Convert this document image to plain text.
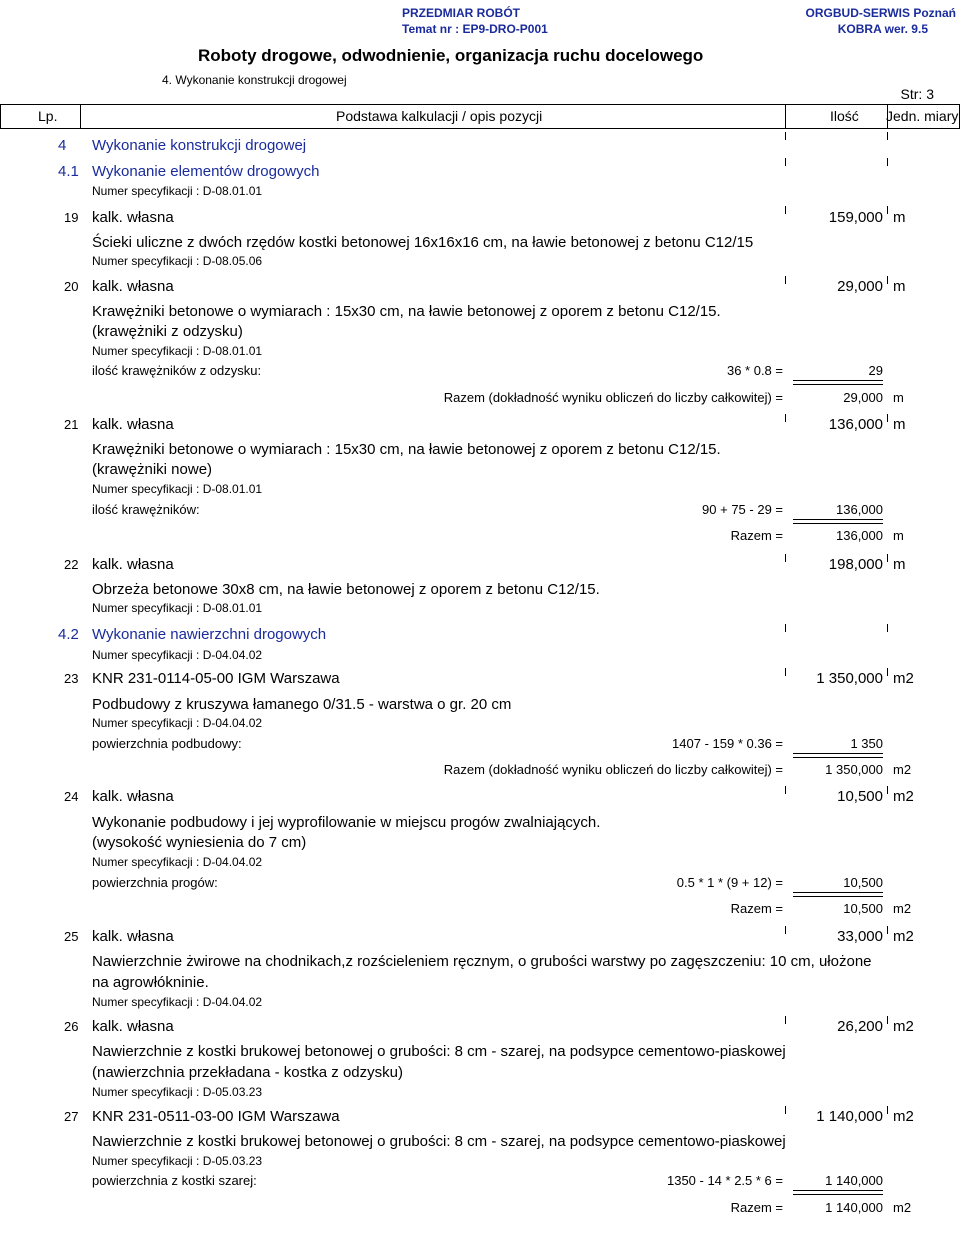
PRZEDMIAR ROBÓT	ORGBUD-SERWIS Poznań
Temat nr : EP9-DRO-P001	KOBRA wer. 9.5
Roboty drogowe, odwodnienie, organizacja ruchu docelowego
4. Wykonanie konstrukcji drogowej
Str: 3
Lp.	Podstawa kalkulacji / opis pozycji	Ilość Jedn. miary
4 Wykonanie konstrukcji drogowej
4.1 Wykonanie elementów drogowych
Numer specyfikacji : D-08.01.01
19 kalk. własna	159,000 m
Ścieki uliczne z dwóch rzędów kostki betonowej 16x16x16 cm, na ławie betonowej z betonu C12/15
Numer specyfikacji : D-08.05.06
20 kalk. własna	29,000 m
Krawężniki betonowe o wymiarach : 15x30 cm, na ławie betonowej z oporem z betonu C12/15.
(krawężniki z odzysku)
Numer specyfikacji : D-08.01.01
ilość krawężników z odzysku:	36 * 0.8 =	29
Razem (dokładność wyniku obliczeń do liczby całkowitej) =	29,000 m
21 kalk. własna	136,000 m
Krawężniki betonowe o wymiarach : 15x30 cm, na ławie betonowej z oporem z betonu C12/15.
(krawężniki nowe)
Numer specyfikacji : D-08.01.01
ilość krawężników:	90 + 75 - 29 =	136,000
Razem =	136,000 m
22 kalk. własna	198,000 m
Obrzeża betonowe 30x8 cm, na ławie betonowej z oporem z betonu C12/15.
Numer specyfikacji : D-08.01.01
4.2 Wykonanie nawierzchni drogowych
Numer specyfikacji : D-04.04.02
23 KNR 231-0114-05-00 IGM Warszawa	1 350,000 m2
Podbudowy z kruszywa łamanego 0/31.5 - warstwa o gr. 20 cm
Numer specyfikacji : D-04.04.02
powierzchnia podbudowy:	1407 - 159 * 0.36 =	1 350
Razem (dokładność wyniku obliczeń do liczby całkowitej) =	1 350,000 m2
24 kalk. własna	10,500 m2
Wykonanie podbudowy i jej wyprofilowanie w miejscu progów zwalniających.
(wysokość wyniesienia do 7 cm)
Numer specyfikacji : D-04.04.02
powierzchnia progów:	0.5 * 1 * (9 + 12) =	10,500
Razem =	10,500 m2
25 kalk. własna	33,000 m2
Nawierzchnie żwirowe na chodnikach,z rozścieleniem ręcznym, o grubości warstwy po zagęszczeniu: 10 cm, ułożone
na agrowłókninie.
Numer specyfikacji : D-04.04.02
26 kalk. własna	26,200 m2
Nawierzchnie z kostki brukowej betonowej o grubości: 8 cm - szarej, na podsypce cementowo-piaskowej
(nawierzchnia przekładana - kostka z odzysku)
Numer specyfikacji : D-05.03.23
27 KNR 231-0511-03-00 IGM Warszawa	1 140,000 m2
Nawierzchnie z kostki brukowej betonowej o grubości: 8 cm - szarej, na podsypce cementowo-piaskowej
Numer specyfikacji : D-05.03.23
powierzchnia z kostki szarej:	1350 - 14 * 2.5 * 6 =	1 140,000
Razem =	1 140,000 m2
